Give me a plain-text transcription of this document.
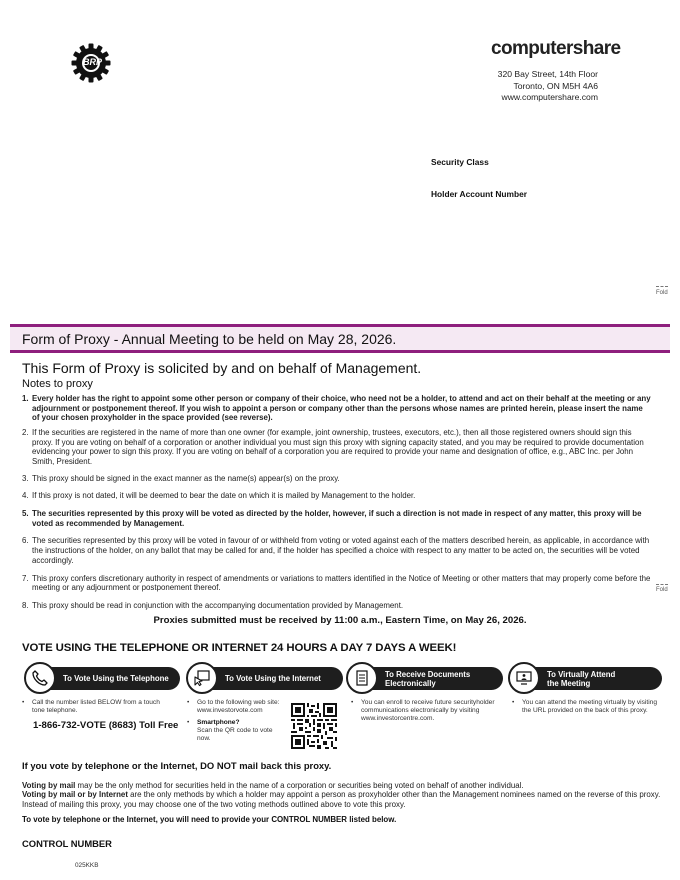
BRP
computershare
320 Bay Street, 14th Floor
Toronto, ON M5H 4A6
www.computershare.com
Security Class
Holder Account Number
Fold
Form of Proxy - Annual Meeting to be held on May 28, 2026.
This Form of Proxy is solicited by and on behalf of Management.
Notes to proxy
1. Every holder has the right to appoint some other person or company of their choice, who need not be a holder, to attend and act on their behalf at the meeting or any adjournment or postponement thereof. If you wish to appoint a person or company other than the persons whose names are printed herein, please insert the name of your chosen proxyholder in the space provided (see reverse).
2. If the securities are registered in the name of more than one owner (for example, joint ownership, trustees, executors, etc.), then all those registered owners should sign this proxy. If you are voting on behalf of a corporation or another individual you must sign this proxy with signing capacity stated, and you may be required to provide documentation evidencing your power to sign this proxy. If you are voting on behalf of a corporation you are required to provide your name and designation of office, e.g., ABC Inc. per John Smith, President.
3. This proxy should be signed in the exact manner as the name(s) appear(s) on the proxy.
4. If this proxy is not dated, it will be deemed to bear the date on which it is mailed by Management to the holder.
5. The securities represented by this proxy will be voted as directed by the holder, however, if such a direction is not made in respect of any matter, this proxy will be voted as recommended by Management.
6. The securities represented by this proxy will be voted in favour of or withheld from voting or voted against each of the matters described herein, as applicable, in accordance with the instructions of the holder, on any ballot that may be called for and, if the holder has specified a choice with respect to any matter to be acted on, the securities will be voted accordingly.
7. This proxy confers discretionary authority in respect of amendments or variations to matters identified in the Notice of Meeting or other matters that may properly come before the meeting or any adjournment or postponement thereof.
8. This proxy should be read in conjunction with the accompanying documentation provided by Management.
Fold
Proxies submitted must be received by 11:00 a.m., Eastern Time, on May 26, 2026.
VOTE USING THE TELEPHONE OR INTERNET 24 HOURS A DAY 7 DAYS A WEEK!
To Vote Using the Telephone	To Vote Using the Internet	To Receive Documents
Electronically
To Virtually Attend
the Meeting
• Call the number listed BELOW from a touch tone telephone.
1-866-732-VOTE (8683) Toll Free
• Go to the following web site: www.investorvote.com
• Smartphone?
Scan the QR code to vote now.
• You can enroll to receive future securityholder communications electronically by visiting www.investorcentre.com.
• You can attend the meeting virtually by visiting the URL provided on the back of this proxy.
If you vote by telephone or the Internet, DO NOT mail back this proxy.
Voting by mail may be the only method for securities held in the name of a corporation or securities being voted on behalf of another individual.
Voting by mail or by Internet are the only methods by which a holder may appoint a person as proxyholder other than the Management nominees named on the reverse of this proxy. Instead of mailing this proxy, you may choose one of the two voting methods outlined above to vote this proxy.
To vote by telephone or the Internet, you will need to provide your CONTROL NUMBER listed below.
CONTROL NUMBER
025KKB
